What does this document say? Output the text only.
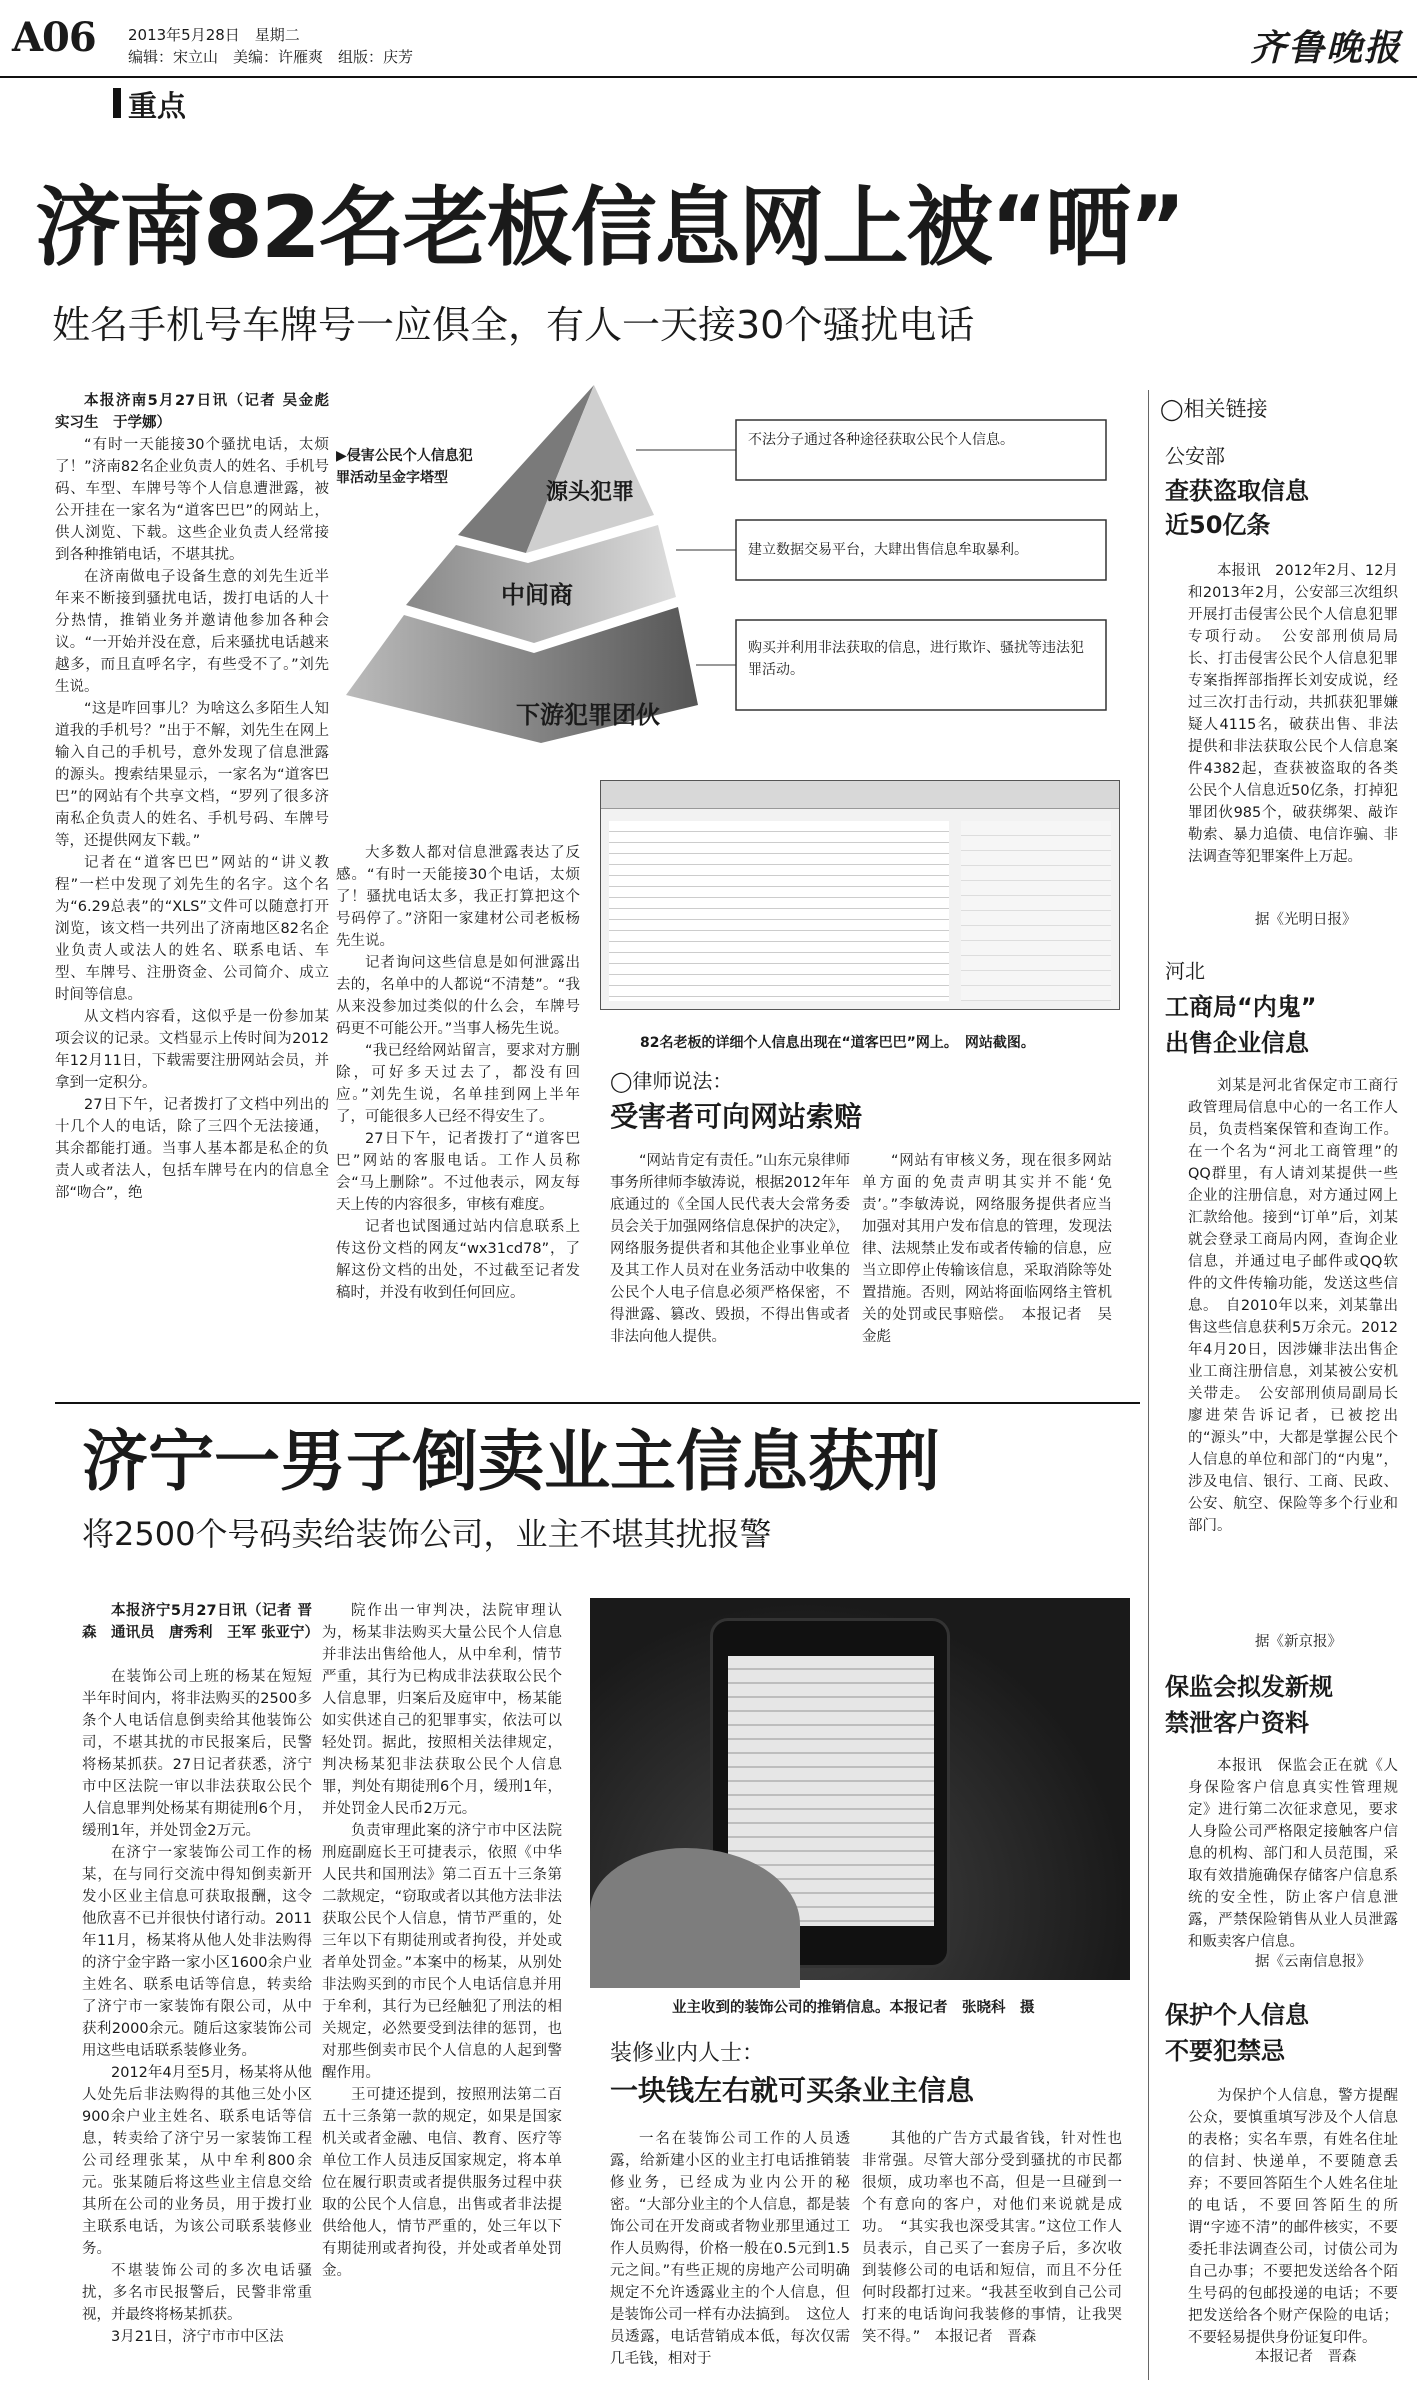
A06 2013年5月28日　星期二
编辑：宋立山　美编：许雁爽　组版：庆芳
重点
齐鲁晚报
济南82名老板信息网上被“晒”
姓名手机号车牌号一应俱全，有人一天接30个骚扰电话
本报济南5月27日讯（记者 吴金彪　实习生　于学娜）

“有时一天能接30个骚扰电话，太烦了！”济南82名企业负责人的姓名、手机号码、车型、车牌号等个人信息遭泄露，被公开挂在一家名为“道客巴巴”的网站上，供人浏览、下载。这些企业负责人经常接到各种推销电话，不堪其扰。

在济南做电子设备生意的刘先生近半年来不断接到骚扰电话，拨打电话的人十分热情，推销业务并邀请他参加各种会议。“一开始并没在意，后来骚扰电话越来越多，而且直呼名字，有些受不了。”刘先生说。

“这是咋回事儿？为啥这么多陌生人知道我的手机号？”出于不解，刘先生在网上输入自己的手机号，意外发现了信息泄露的源头。搜索结果显示，一家名为“道客巴巴”的网站有个共享文档，“罗列了很多济南私企负责人的姓名、手机号码、车牌号等，还提供网友下载。”

记者在“道客巴巴”网站的“讲义教程”一栏中发现了刘先生的名字。这个名为“6.29总表”的“XLS”文件可以随意打开浏览，该文档一共列出了济南地区82名企业负责人或法人的姓名、联系电话、车型、车牌号、注册资金、公司简介、成立时间等信息。

从文档内容看，这似乎是一份参加某项会议的记录。文档显示上传时间为2012年12月11日，下载需要注册网站会员，并拿到一定积分。

27日下午，记者拨打了文档中列出的十几个人的电话，除了三四个无法接通，其余都能打通。当事人基本都是私企的负责人或者法人，包括车牌号在内的信息全部“吻合”，绝

▶侵害公民个人信息犯罪活动呈金字塔型
源头犯罪
中间商
下游犯罪团伙
不法分子通过各种途径获取公民个人信息。
建立数据交易平台，大肆出售信息牟取暴利。
购买并利用非法获取的信息，进行欺诈、骚扰等违法犯罪活动。

大多数人都对信息泄露表达了反感。“有时一天能接30个电话，太烦了！骚扰电话太多，我正打算把这个号码停了。”济阳一家建材公司老板杨先生说。

记者询问这些信息是如何泄露出去的，名单中的人都说“不清楚”。“我从来没参加过类似的什么会，车牌号码更不可能公开。”当事人杨先生说。

“我已经给网站留言，要求对方删除，可好多天过去了，都没有回应。”刘先生说，名单挂到网上半年了，可能很多人已经不得安生了。

27日下午，记者拨打了“道客巴巴”网站的客服电话。工作人员称会“马上删除”。不过他表示，网友每天上传的内容很多，审核有难度。

记者也试图通过站内信息联系上传这份文档的网友“wx31cd78”，了解这份文档的出处，不过截至记者发稿时，并没有收到任何回应。

82名老板的详细个人信息出现在“道客巴巴”网上。　网站截图。
◯律师说法：
受害者可向网站索赔
“网站肯定有责任。”山东元泉律师事务所律师李敏涛说，根据2012年年底通过的《全国人民代表大会常务委员会关于加强网络信息保护的决定》，网络服务提供者和其他企业事业单位及其工作人员对在业务活动中收集的公民个人电子信息必须严格保密，不得泄露、篡改、毁损，不得出售或者非法向他人提供。
“网站有审核义务，现在很多网站单方面的免责声明其实并不能‘免责’。”李敏涛说，网络服务提供者应当加强对其用户发布信息的管理，发现法律、法规禁止发布或者传输的信息，应当立即停止传输该信息，采取消除等处置措施。否则，网站将面临网络主管机关的处罚或民事赔偿。　本报记者　吴金彪
◯相关链接
公安部
查获盗取信息
近50亿条
本报讯　2012年2月、12月和2013年2月，公安部三次组织开展打击侵害公民个人信息犯罪专项行动。　公安部刑侦局局长、打击侵害公民个人信息犯罪专案指挥部指挥长刘安成说，经过三次打击行动，共抓获犯罪嫌疑人4115名，破获出售、非法提供和非法获取公民个人信息案件4382起，查获被盗取的各类公民个人信息近50亿条，打掉犯罪团伙985个，破获绑架、敲诈勒索、暴力追债、电信诈骗、非法调查等犯罪案件上万起。
据《光明日报》
河北
工商局“内鬼”
出售企业信息
刘某是河北省保定市工商行政管理局信息中心的一名工作人员，负责档案保管和查询工作。在一个名为“河北工商管理”的QQ群里，有人请刘某提供一些企业的注册信息，对方通过网上汇款给他。接到“订单”后，刘某就会登录工商局内网，查询企业信息，并通过电子邮件或QQ软件的文件传输功能，发送这些信息。　自2010年以来，刘某靠出售这些信息获利5万余元。2012年4月20日，因涉嫌非法出售企业工商注册信息，刘某被公安机关带走。　公安部刑侦局副局长廖进荣告诉记者，已被挖出的“源头”中，大都是掌握公民个人信息的单位和部门的“内鬼”，涉及电信、银行、工商、民政、公安、航空、保险等多个行业和部门。
据《新京报》
保监会拟发新规
禁泄客户资料
本报讯　保监会正在就《人身保险客户信息真实性管理规定》进行第二次征求意见，要求人身险公司严格限定接触客户信息的机构、部门和人员范围，采取有效措施确保存储客户信息系统的安全性，防止客户信息泄露，严禁保险销售从业人员泄露和贩卖客户信息。
据《云南信息报》
保护个人信息
不要犯禁忌
为保护个人信息，警方提醒公众，要慎重填写涉及个人信息的表格；实名车票，有姓名住址的信封、快递单，不要随意丢弃；不要回答陌生个人姓名住址的电话，不要回答陌生的所谓“字迹不清”的邮件核实，不要委托非法调查公司，讨债公司为自己办事；不要把发送给各个陌生号码的包邮投递的电话；不要把发送给各个财产保险的电话；不要轻易提供身份证复印件。
本报记者　晋森
济宁一男子倒卖业主信息获刑
将2500个号码卖给装饰公司，业主不堪其扰报警
本报济宁5月27日讯（记者 晋森　通讯员　唐秀利　王军 张亚宁）

在装饰公司上班的杨某在短短半年时间内，将非法购买的2500多条个人电话信息倒卖给其他装饰公司，不堪其扰的市民报案后，民警将杨某抓获。27日记者获悉，济宁市中区法院一审以非法获取公民个人信息罪判处杨某有期徒刑6个月，缓刑1年，并处罚金2万元。

在济宁一家装饰公司工作的杨某，在与同行交流中得知倒卖新开发小区业主信息可获取报酬，这令他欣喜不已并很快付诸行动。2011年11月，杨某将从他人处非法购得的济宁金宇路一家小区1600余户业主姓名、联系电话等信息，转卖给了济宁市一家装饰有限公司，从中获利2000余元。随后这家装饰公司用这些电话联系装修业务。

2012年4月至5月，杨某将从他人处先后非法购得的其他三处小区900余户业主姓名、联系电话等信息，转卖给了济宁另一家装饰工程公司经理张某，从中牟利800余元。张某随后将这些业主信息交给其所在公司的业务员，用于拨打业主联系电话，为该公司联系装修业务。

不堪装饰公司的多次电话骚扰，多名市民报警后，民警非常重视，并最终将杨某抓获。

3月21日，济宁市市中区法

院作出一审判决，法院审理认为，杨某非法购买大量公民个人信息并非法出售给他人，从中牟利，情节严重，其行为已构成非法获取公民个人信息罪，归案后及庭审中，杨某能如实供述自己的犯罪事实，依法可以轻处罚。据此，按照相关法律规定，判决杨某犯非法获取公民个人信息罪，判处有期徒刑6个月，缓刑1年，并处罚金人民币2万元。

负责审理此案的济宁市中区法院刑庭副庭长王可捷表示，依照《中华人民共和国刑法》第二百五十三条第二款规定，“窃取或者以其他方法非法获取公民个人信息，情节严重的，处三年以下有期徒刑或者拘役，并处或者单处罚金。”本案中的杨某，从别处非法购买到的市民个人电话信息并用于牟利，其行为已经触犯了刑法的相关规定，必然要受到法律的惩罚，也对那些倒卖市民个人信息的人起到警醒作用。

王可捷还提到，按照刑法第二百五十三条第一款的规定，如果是国家机关或者金融、电信、教育、医疗等单位工作人员违反国家规定，将本单位在履行职责或者提供服务过程中获取的公民个人信息，出售或者非法提供给他人，情节严重的，处三年以下有期徒刑或者拘役，并处或者单处罚金。

业主收到的装饰公司的推销信息。本报记者　张晓科　摄
装修业内人士：
一块钱左右就可买条业主信息
一名在装饰公司工作的人员透露，给新建小区的业主打电话推销装修业务，已经成为业内公开的秘密。“大部分业主的个人信息，都是装饰公司在开发商或者物业那里通过工作人员购得，价格一般在0.5元到1.5元之间。”有些正规的房地产公司明确规定不允许透露业主的个人信息，但是装饰公司一样有办法搞到。　这位人员透露，电话营销成本低，每次仅需几毛钱，相对于
其他的广告方式最省钱，针对性也非常强。尽管大部分受到骚扰的市民都很烦，成功率也不高，但是一旦碰到一个有意向的客户，对他们来说就是成功。　“其实我也深受其害。”这位工作人员表示，自己买了一套房子后，多次收到装修公司的电话和短信，而且不分任何时段都打过来。“我甚至收到自己公司打来的电话询问我装修的事情，让我哭笑不得。”　本报记者　晋森
